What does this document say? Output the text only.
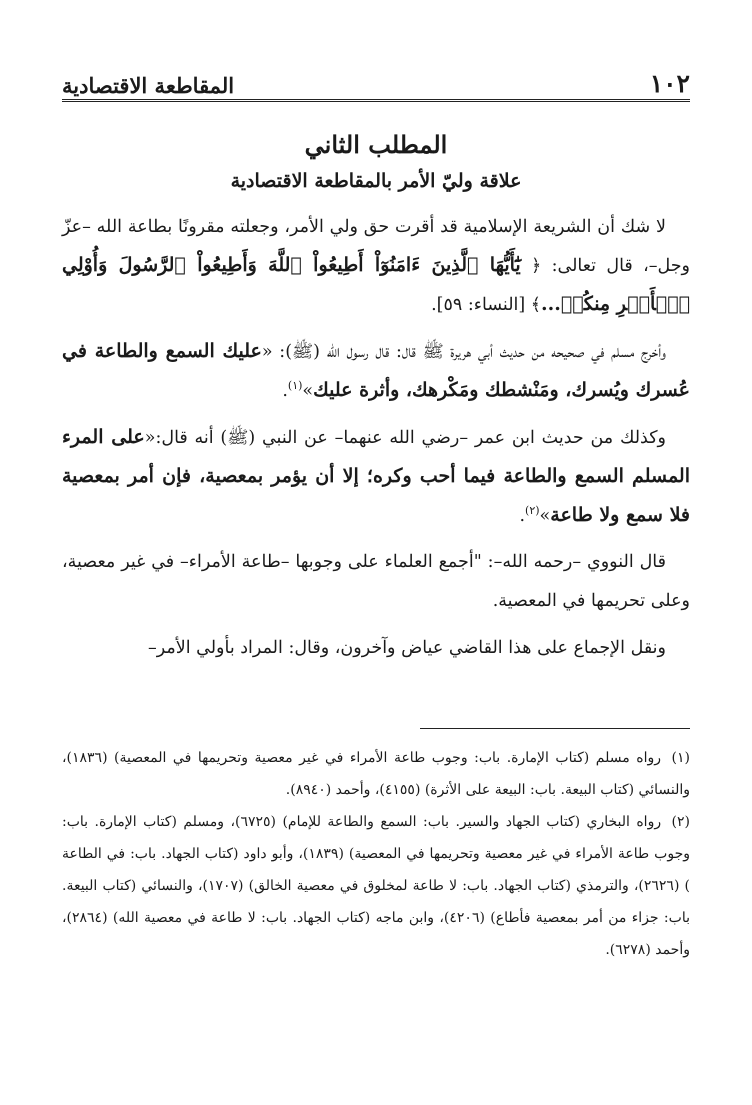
١٠٢
المقاطعة الاقتصادية
المطلب الثاني
علاقة وليّ الأمر بالمقاطعة الاقتصادية

لا شك أن الشريعة الإسلامية قد أقرت حق ولي الأمر، وجعلته مقرونًا بطاعة الله –عزّ وجل–، قال تعالى: ﴿ يَٰٓأَيُّهَا ٱلَّذِينَ ءَامَنُوٓاْ أَطِيعُواْ ٱللَّهَ وَأَطِيعُواْ ٱلرَّسُولَ وَأُوْلِي ٱلۡأَمۡرِ مِنكُمۡ...﴾ [النساء: ٥٩].

وأخرج مسلم في صحيحه من حديث أبي هريرة ﷺ قال: قال رسول الله (ﷺ): «عليك السمع والطاعة في عُسرك ويُسرك، ومَنْشطك ومَكْرهك، وأثرة عليك»$^{(١)}$.

وكذلك من حديث ابن عمر –رضي الله عنهما– عن النبي (ﷺ) أنه قال:«على المرء المسلم السمع والطاعة فيما أحب وكره؛ إلا أن يؤمر بمعصية، فإن أمر بمعصية فلا سمع ولا طاعة»$^{(٢)}$.

قال النووي –رحمه الله–: "أجمع العلماء على وجوبها –طاعة الأمراء– في غير معصية، وعلى تحريمها في المعصية.

ونقل الإجماع على هذا القاضي عياض وآخرون، وقال: المراد بأولي الأمر–

(١) رواه مسلم (كتاب الإمارة. باب: وجوب طاعة الأمراء في غير معصية وتحريمها في المعصية) (١٨٣٦)، والنسائي (كتاب البيعة. باب: البيعة على الأثرة) (٤١٥٥)، وأحمد (٨٩٤٠).

(٢) رواه البخاري (كتاب الجهاد والسير. باب: السمع والطاعة للإمام) (٦٧٢٥)، ومسلم (كتاب الإمارة. باب: وجوب طاعة الأمراء في غير معصية وتحريمها في المعصية) (١٨٣٩)، وأبو داود (كتاب الجهاد. باب: في الطاعة ) (٢٦٢٦)، والترمذي (كتاب الجهاد. باب: لا طاعة لمخلوق في معصية الخالق) (١٧٠٧)، والنسائي (كتاب البيعة. باب: جزاء من أمر بمعصية فأطاع) (٤٢٠٦)، وابن ماجه (كتاب الجهاد. باب: لا طاعة في معصية الله) (٢٨٦٤)، وأحمد (٦٢٧٨).
